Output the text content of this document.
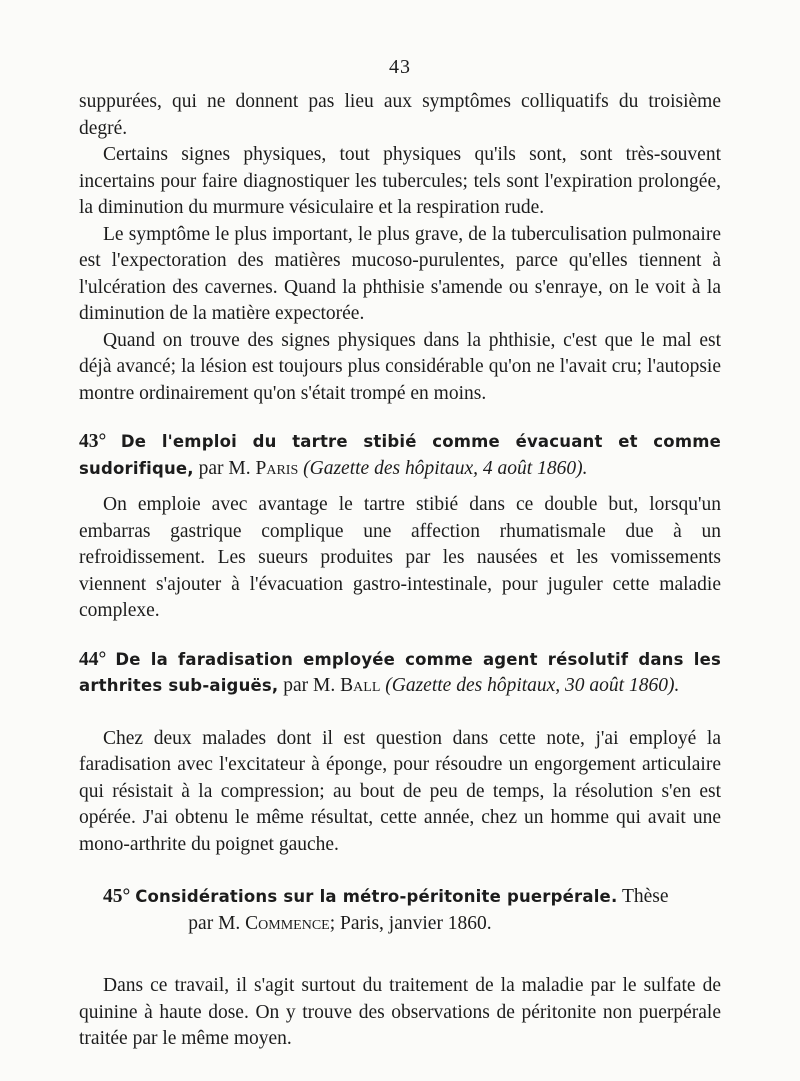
43

suppurées, qui ne donnent pas lieu aux symptômes colliquatifs du troisième degré.

Certains signes physiques, tout physiques qu'ils sont, sont très-souvent incertains pour faire diagnostiquer les tubercules; tels sont l'expiration prolongée, la diminution du murmure vésiculaire et la respiration rude.

Le symptôme le plus important, le plus grave, de la tuberculisation pulmonaire est l'expectoration des matières mucoso-purulentes, parce qu'elles tiennent à l'ulcération des cavernes. Quand la phthisie s'amende ou s'enraye, on le voit à la diminution de la matière expectorée.

Quand on trouve des signes physiques dans la phthisie, c'est que le mal est déjà avancé; la lésion est toujours plus considérable qu'on ne l'avait cru; l'autopsie montre ordinairement qu'on s'était trompé en moins.

43° De l'emploi du tartre stibié comme évacuant et comme sudorifique, par M. Paris (Gazette des hôpitaux, 4 août 1860).

On emploie avec avantage le tartre stibié dans ce double but, lorsqu'un embarras gastrique complique une affection rhumatismale due à un refroidissement. Les sueurs produites par les nausées et les vomissements viennent s'ajouter à l'évacuation gastro-intestinale, pour juguler cette maladie complexe.

44° De la faradisation employée comme agent résolutif dans les arthrites sub-aiguës, par M. Ball (Gazette des hôpitaux, 30 août 1860).

Chez deux malades dont il est question dans cette note, j'ai employé la faradisation avec l'excitateur à éponge, pour résoudre un engorgement articulaire qui résistait à la compression; au bout de peu de temps, la résolution s'en est opérée. J'ai obtenu le même résultat, cette année, chez un homme qui avait une mono-arthrite du poignet gauche.

45° Considérations sur la métro-péritonite puerpérale. Thèse
par M. Commence; Paris, janvier 1860.

Dans ce travail, il s'agit surtout du traitement de la maladie par le sulfate de quinine à haute dose. On y trouve des observations de péritonite non puerpérale traitée par le même moyen.
